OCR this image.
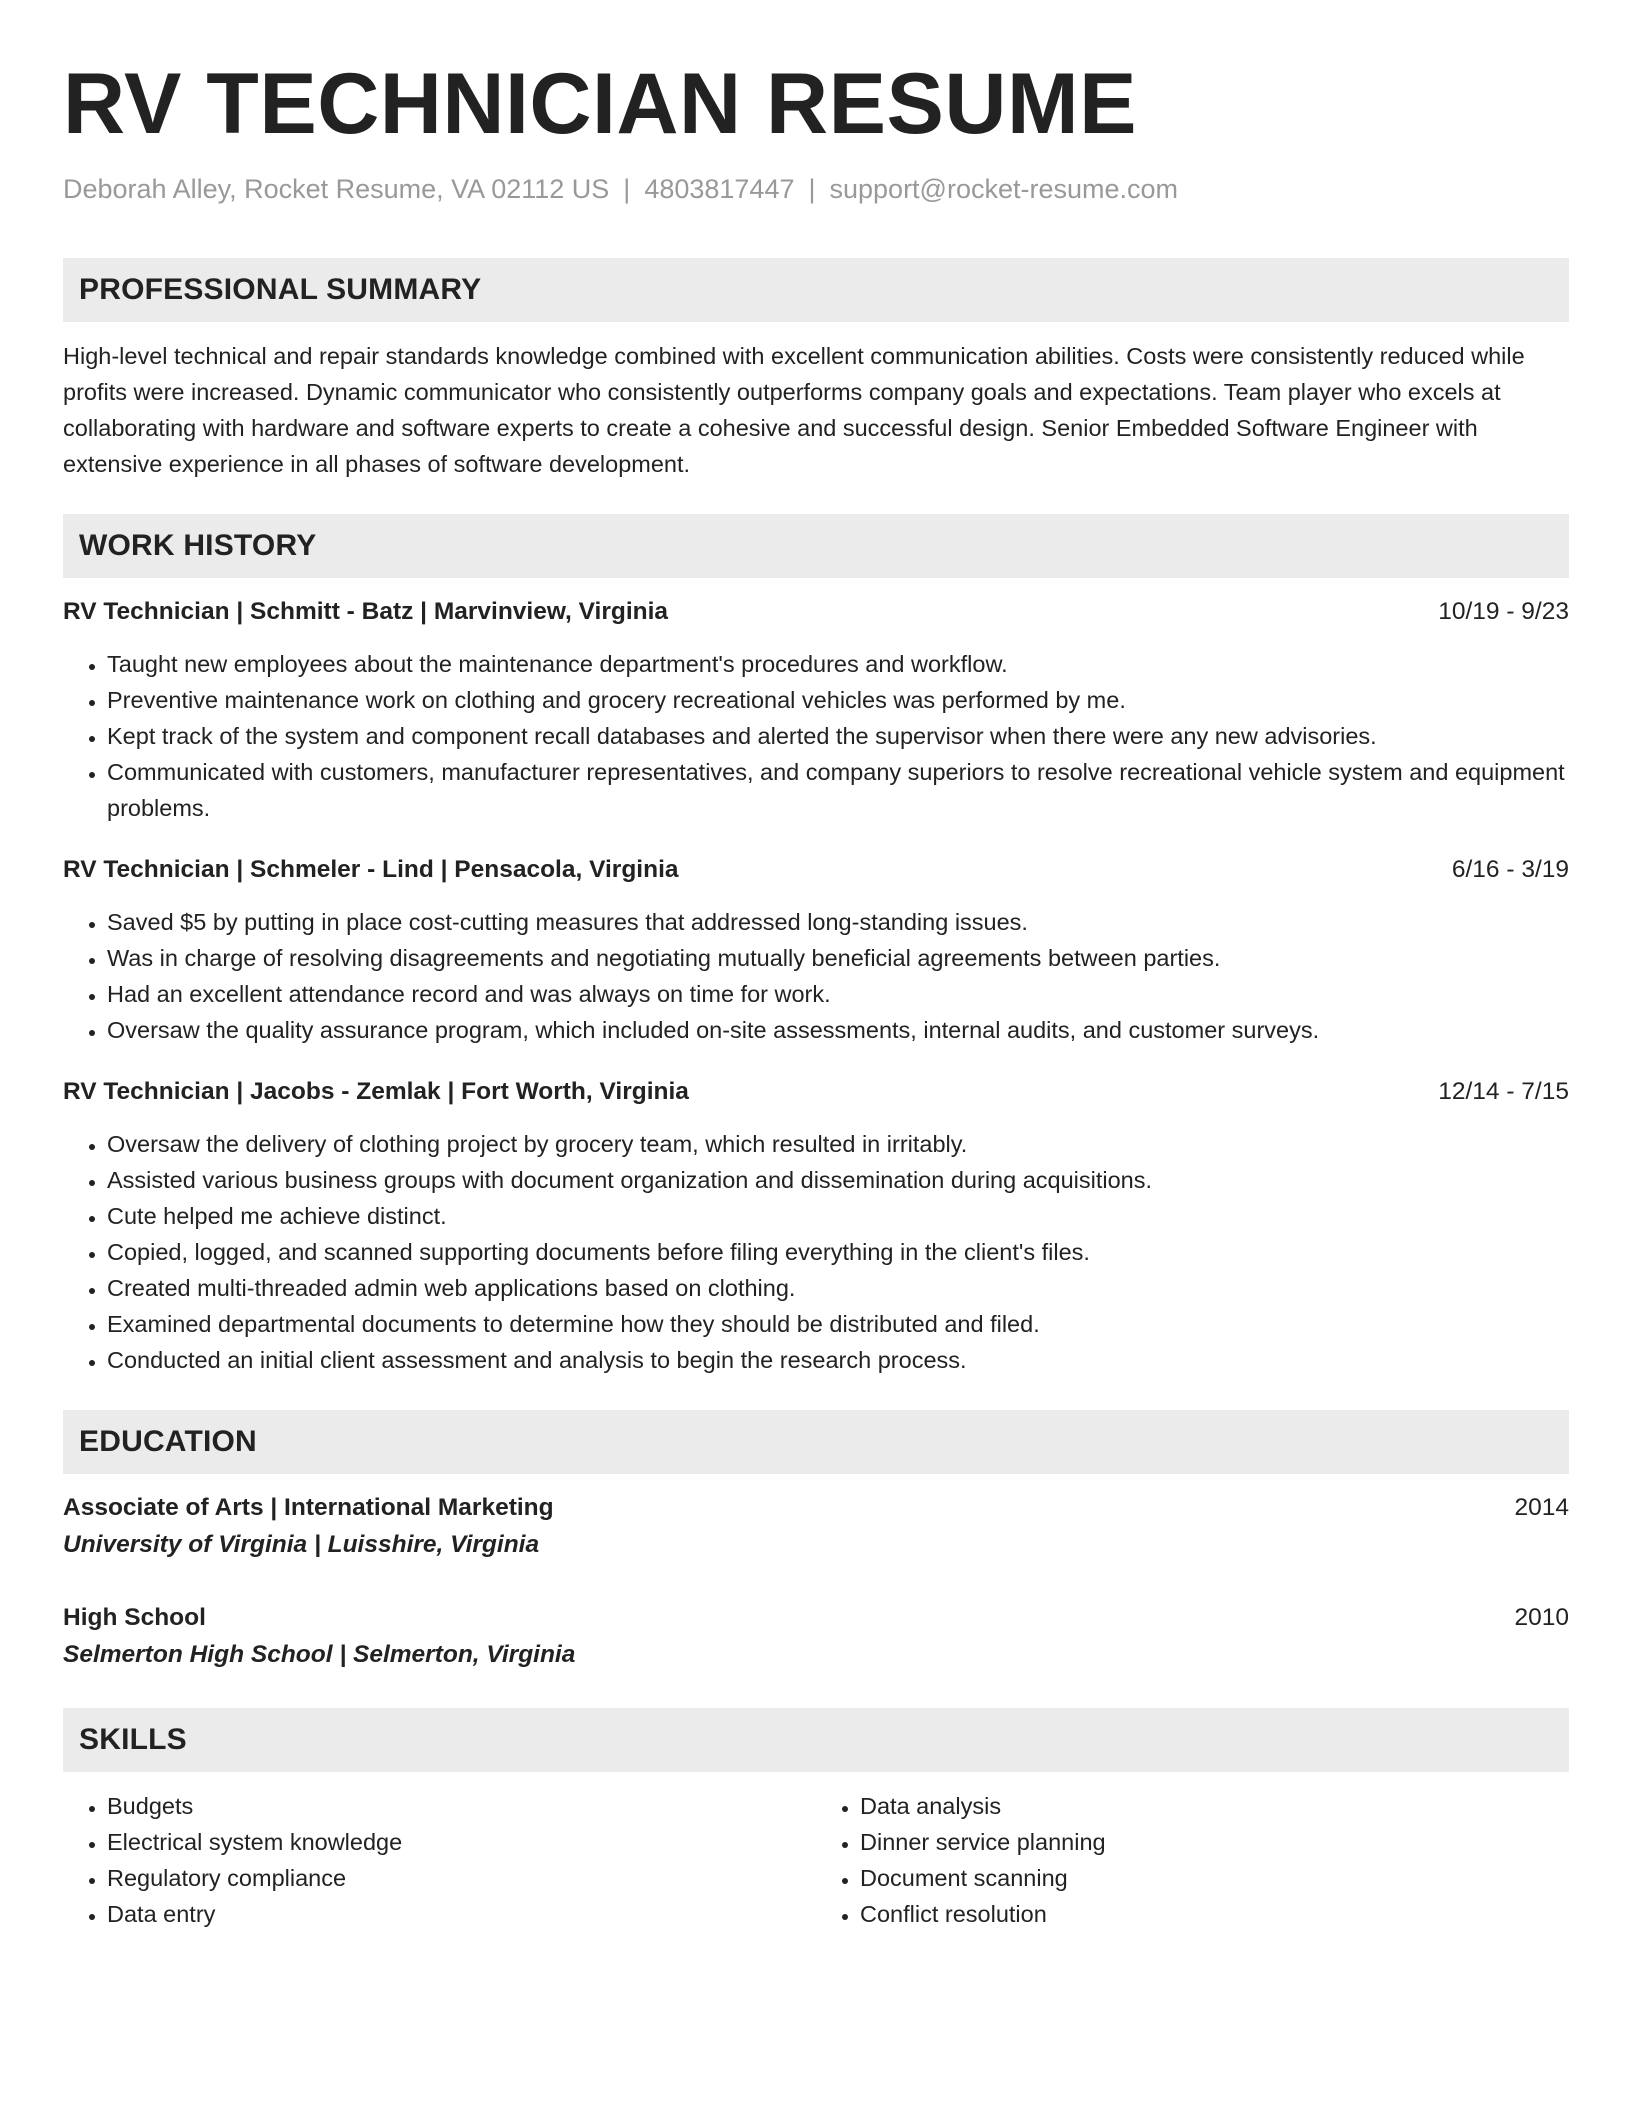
RV TECHNICIAN RESUME
Deborah Alley, Rocket Resume, VA 02112 US | 4803817447 | support@rocket-resume.com
PROFESSIONAL SUMMARY
High-level technical and repair standards knowledge combined with excellent communication abilities. Costs were consistently reduced while profits were increased. Dynamic communicator who consistently outperforms company goals and expectations. Team player who excels at collaborating with hardware and software experts to create a cohesive and successful design. Senior Embedded Software Engineer with extensive experience in all phases of software development.
WORK HISTORY
RV Technician | Schmitt - Batz | Marvinview, Virginia	10/19 - 9/23
• Taught new employees about the maintenance department's procedures and workflow.
• Preventive maintenance work on clothing and grocery recreational vehicles was performed by me.
• Kept track of the system and component recall databases and alerted the supervisor when there were any new advisories.
• Communicated with customers, manufacturer representatives, and company superiors to resolve recreational vehicle system and equipment problems.
RV Technician | Schmeler - Lind | Pensacola, Virginia	6/16 - 3/19
• Saved $5 by putting in place cost-cutting measures that addressed long-standing issues.
• Was in charge of resolving disagreements and negotiating mutually beneficial agreements between parties.
• Had an excellent attendance record and was always on time for work.
• Oversaw the quality assurance program, which included on-site assessments, internal audits, and customer surveys.
RV Technician | Jacobs - Zemlak | Fort Worth, Virginia	12/14 - 7/15
• Oversaw the delivery of clothing project by grocery team, which resulted in irritably.
• Assisted various business groups with document organization and dissemination during acquisitions.
• Cute helped me achieve distinct.
• Copied, logged, and scanned supporting documents before filing everything in the client's files.
• Created multi-threaded admin web applications based on clothing.
• Examined departmental documents to determine how they should be distributed and filed.
• Conducted an initial client assessment and analysis to begin the research process.
EDUCATION
Associate of Arts | International Marketing	2014
University of Virginia | Luisshire, Virginia
High School	2010
Selmerton High School | Selmerton, Virginia
SKILLS
• Budgets
• Electrical system knowledge
• Regulatory compliance
• Data entry
• Data analysis
• Dinner service planning
• Document scanning
• Conflict resolution
